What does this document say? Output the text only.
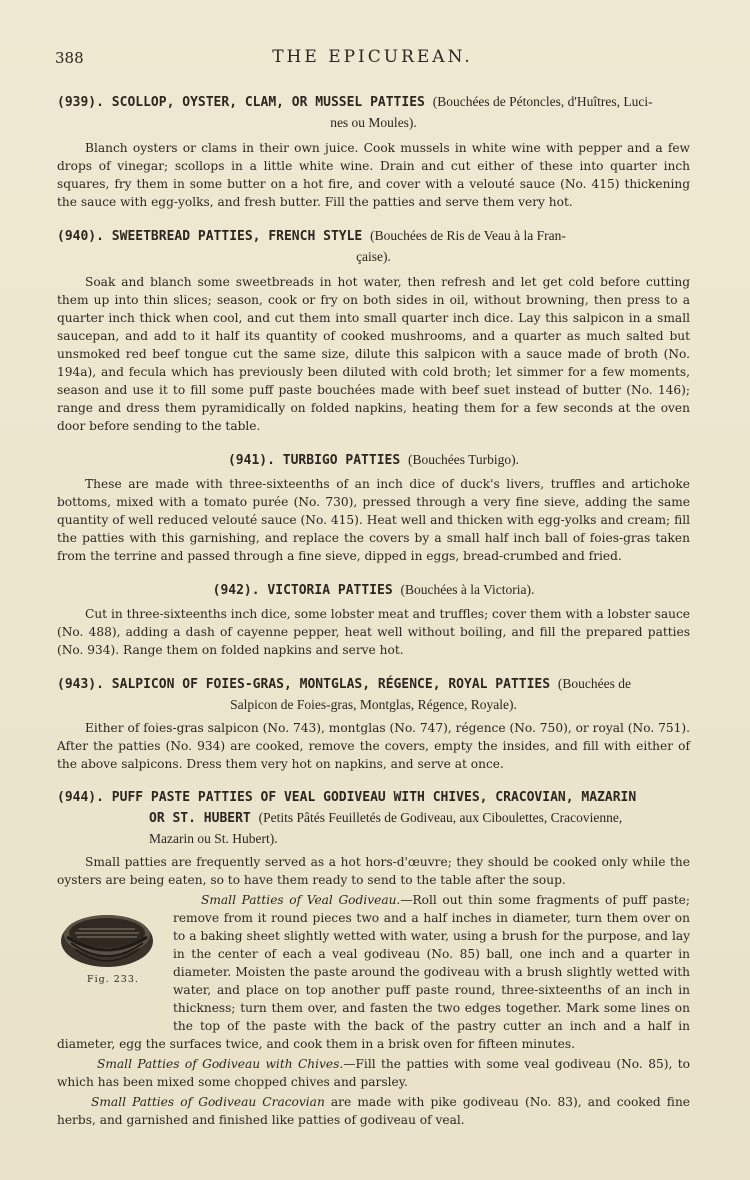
388	THE EPICUREAN.

(939). SCOLLOP, OYSTER, CLAM, OR MUSSEL PATTIES (Bouchées de Pétoncles, d'Huîtres, Luci-
nes ou Moules).

Blanch oysters or clams in their own juice. Cook mussels in white wine with pepper and a few drops of vinegar; scollops in a little white wine. Drain and cut either of these into quarter inch squares, fry them in some butter on a hot fire, and cover with a velouté sauce (No. 415) thickening the sauce with egg-yolks, and fresh butter. Fill the patties and serve them very hot.

(940). SWEETBREAD PATTIES, FRENCH STYLE (Bouchées de Ris de Veau à la Fran-
çaise).

Soak and blanch some sweetbreads in hot water, then refresh and let get cold before cutting them up into thin slices; season, cook or fry on both sides in oil, without browning, then press to a quarter inch thick when cool, and cut them into small quarter inch dice. Lay this salpicon in a small saucepan, and add to it half its quantity of cooked mushrooms, and a quarter as much salted but unsmoked red beef tongue cut the same size, dilute this salpicon with a sauce made of broth (No. 194a), and fecula which has previously been diluted with cold broth; let simmer for a few moments, season and use it to fill some puff paste bouchées made with beef suet instead of butter (No. 146); range and dress them pyramidically on folded napkins, heating them for a few seconds at the oven door before sending to the table.

(941). TURBIGO PATTIES (Bouchées Turbigo).

These are made with three-sixteenths of an inch dice of duck's livers, truffles and artichoke bottoms, mixed with a tomato purée (No. 730), pressed through a very fine sieve, adding the same quantity of well reduced velouté sauce (No. 415). Heat well and thicken with egg-yolks and cream; fill the patties with this garnishing, and replace the covers by a small half inch ball of foies-gras taken from the terrine and passed through a fine sieve, dipped in eggs, bread-crumbed and fried.

(942). VICTORIA PATTIES (Bouchées à la Victoria).

Cut in three-sixteenths inch dice, some lobster meat and truffles; cover them with a lobster sauce (No. 488), adding a dash of cayenne pepper, heat well without boiling, and fill the prepared patties (No. 934). Range them on folded napkins and serve hot.

(943). SALPICON OF FOIES-GRAS, MONTGLAS, RÉGENCE, ROYAL PATTIES (Bouchées de
Salpicon de Foies-gras, Montglas, Régence, Royale).

Either of foies-gras salpicon (No. 743), montglas (No. 747), régence (No. 750), or royal (No. 751). After the patties (No. 934) are cooked, remove the covers, empty the insides, and fill with either of the above salpicons. Dress them very hot on napkins, and serve at once.

(944). PUFF PASTE PATTIES OF VEAL GODIVEAU WITH CHIVES, CRACOVIAN, MAZARIN
OR ST. HUBERT (Petits Pâtés Feuilletés de Godiveau, aux Ciboulettes, Cracovienne,
Mazarin ou St. Hubert).

Small patties are frequently served as a hot hors-d'œuvre; they should be cooked only while the oysters are being eaten, so to have them ready to send to the table after the soup.

Fig. 233.

Small Patties of Veal Godiveau.
—Roll out thin some fragments of puff paste; remove from it round pieces two and a half inches in diameter, turn them over on to a baking sheet slightly wetted with water, using a brush for the purpose, and lay in the center of each a veal godiveau (No. 85) ball, one inch and a quarter in diameter. Moisten the paste around the godiveau with a brush slightly wetted with water, and place on top another puff paste round, three-sixteenths of an inch in thickness; turn them over, and fasten the two edges together. Mark some lines on the top of the paste with the back of the pastry cutter an inch and a half in diameter, egg the surfaces twice, and cook them in a brisk oven for fifteen minutes.

Small Patties of Godiveau with Chives.—Fill the patties with some veal godiveau (No. 85), to which has been mixed some chopped chives and parsley.

Small Patties of Godiveau Cracovian are made with pike godiveau (No. 83), and cooked fine herbs, and garnished and finished like patties of godiveau of veal.
